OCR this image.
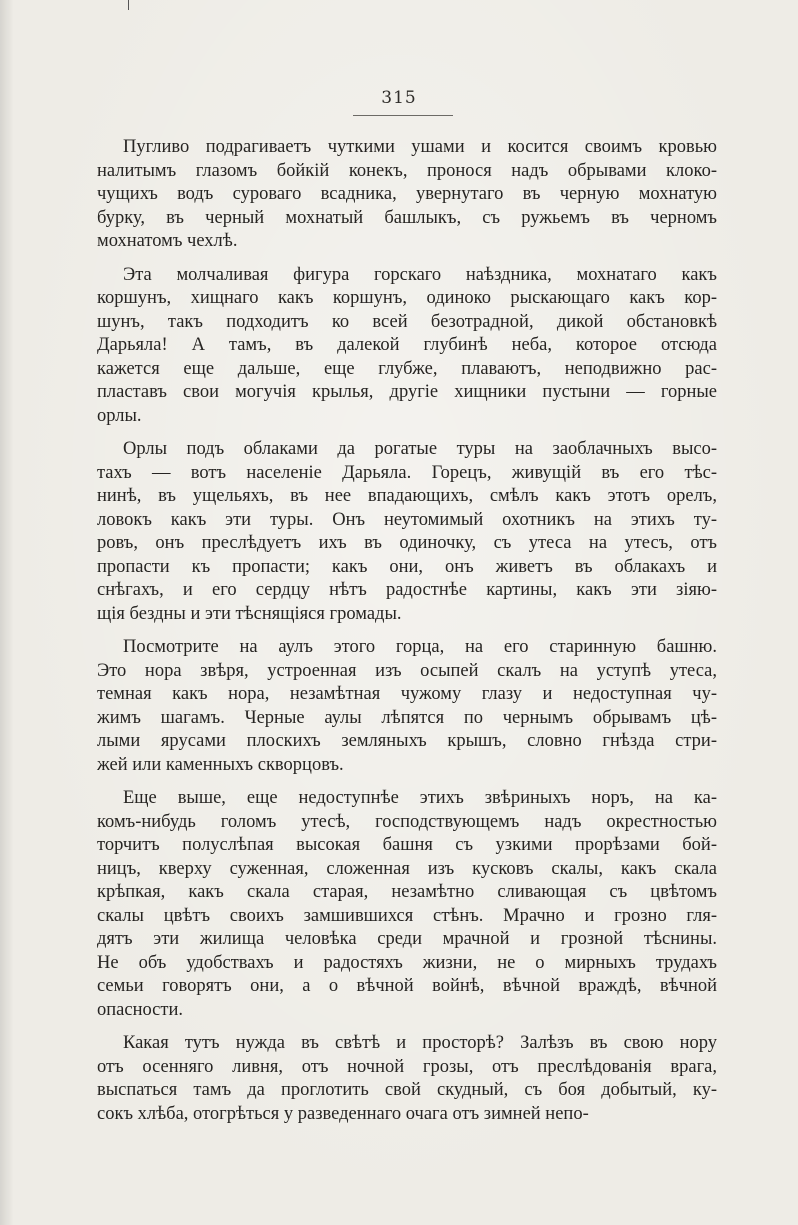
315

Пугливо подрагиваетъ чуткими ушами и косится своимъ кровью
налитымъ глазомъ бойкій конекъ, пронося надъ обрывами клоко-
чущихъ водъ суроваго всадника, увернутаго въ черную мохнатую
бурку, въ черный мохнатый башлыкъ, съ ружьемъ въ черномъ
мохнатомъ чехлѣ.

Эта молчаливая фигура горскаго наѣздника, мохнатаго какъ
коршунъ, хищнаго какъ коршунъ, одиноко рыскающаго какъ кор-
шунъ, такъ подходитъ ко всей безотрадной, дикой обстановкѣ
Дарьяла! А тамъ, въ далекой глубинѣ неба, которое отсюда
кажется еще дальше, еще глубже, плаваютъ, неподвижно рас-
пластавъ свои могучія крылья, другіе хищники пустыни — горные
орлы.

Орлы подъ облаками да рогатые туры на заоблачныхъ высо-
тахъ — вотъ населеніе Дарьяла. Горецъ, живущій въ его тѣс-
нинѣ, въ ущельяхъ, въ нее впадающихъ, смѣлъ какъ этотъ орелъ,
ловокъ какъ эти туры. Онъ неутомимый охотникъ на этихъ ту-
ровъ, онъ преслѣдуетъ ихъ въ одиночку, съ утеса на утесъ, отъ
пропасти къ пропасти; какъ они, онъ живетъ въ облакахъ и
снѣгахъ, и его сердцу нѣтъ радостнѣе картины, какъ эти зіяю-
щія бездны и эти тѣснящіяся громады.

Посмотрите на аулъ этого горца, на его старинную башню.
Это нора звѣря, устроенная изъ осыпей скалъ на уступѣ утеса,
темная какъ нора, незамѣтная чужому глазу и недоступная чу-
жимъ шагамъ. Черные аулы лѣпятся по чернымъ обрывамъ цѣ-
лыми ярусами плоскихъ земляныхъ крышъ, словно гнѣзда стри-
жей или каменныхъ скворцовъ.

Еще выше, еще недоступнѣе этихъ звѣриныхъ норъ, на ка-
комъ-нибудь голомъ утесѣ, господствующемъ надъ окрестностью
торчитъ полуслѣпая высокая башня съ узкими прорѣзами бой-
ницъ, кверху суженная, сложенная изъ кусковъ скалы, какъ скала
крѣпкая, какъ скала старая, незамѣтно сливающая съ цвѣтомъ
скалы цвѣтъ своихъ замшившихся стѣнъ. Мрачно и грозно гля-
дятъ эти жилища человѣка среди мрачной и грозной тѣснины.
Не объ удобствахъ и радостяхъ жизни, не о мирныхъ трудахъ
семьи говорятъ они, а о вѣчной войнѣ, вѣчной враждѣ, вѣчной
опасности.

Какая тутъ нужда въ свѣтѣ и просторѣ? Залѣзъ въ свою нору
отъ осенняго ливня, отъ ночной грозы, отъ преслѣдованія врага,
выспаться тамъ да проглотить свой скудный, съ боя добытый, ку-
сокъ хлѣба, отогрѣться у разведеннаго очага отъ зимней непо-
